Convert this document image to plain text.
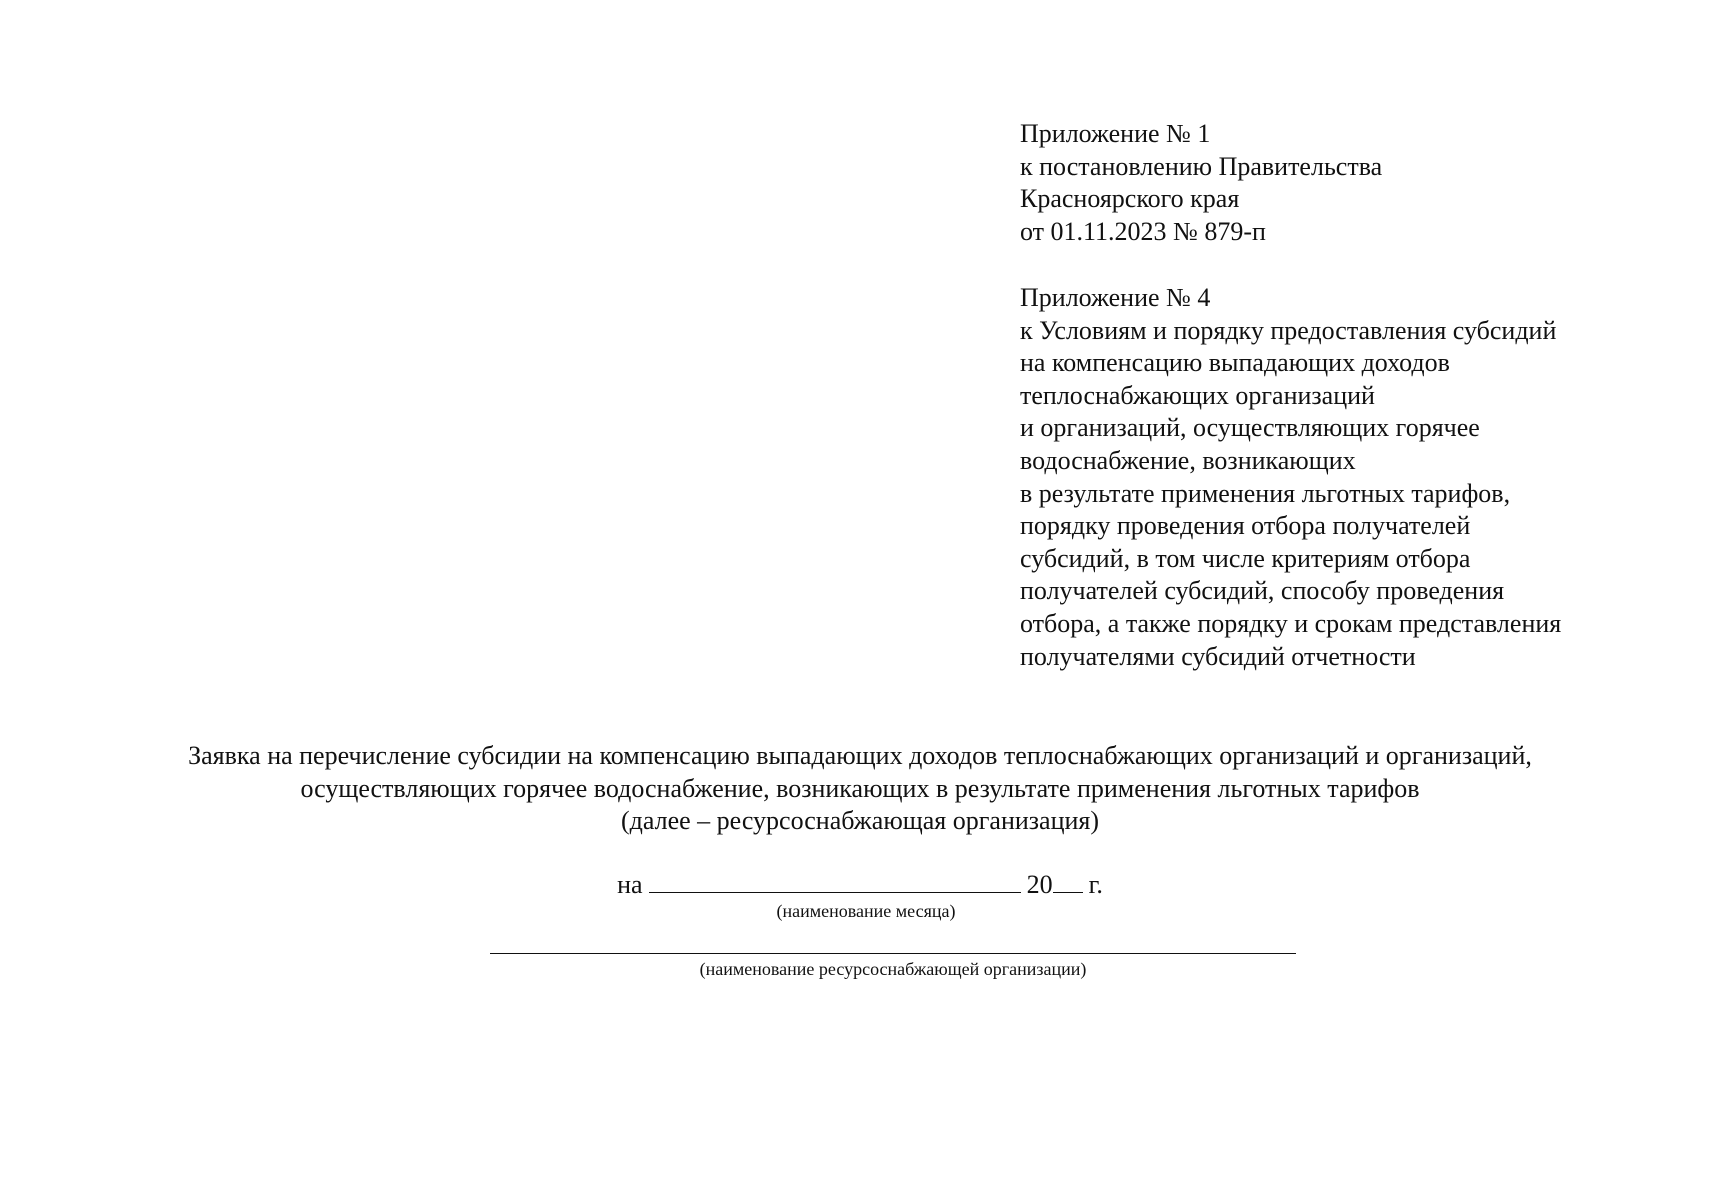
Приложение № 1
к постановлению Правительства
Красноярского края
от 01.11.2023 № 879-п
Приложение № 4
к Условиям и порядку предоставления субсидий
на компенсацию выпадающих доходов
теплоснабжающих организаций
и организаций, осуществляющих горячее
водоснабжение, возникающих
в результате применения льготных тарифов,
порядку проведения отбора получателей
субсидий, в том числе критериям отбора
получателей субсидий, способу проведения
отбора, а также порядку и срокам представления
получателями субсидий отчетности
Заявка на перечисление субсидии на компенсацию выпадающих доходов теплоснабжающих организаций и организаций,
осуществляющих горячее водоснабжение, возникающих в результате применения льготных тарифов
(далее – ресурсоснабжающая организация)
на	20 г.
(наименование месяца)
(наименование ресурсоснабжающей организации)
